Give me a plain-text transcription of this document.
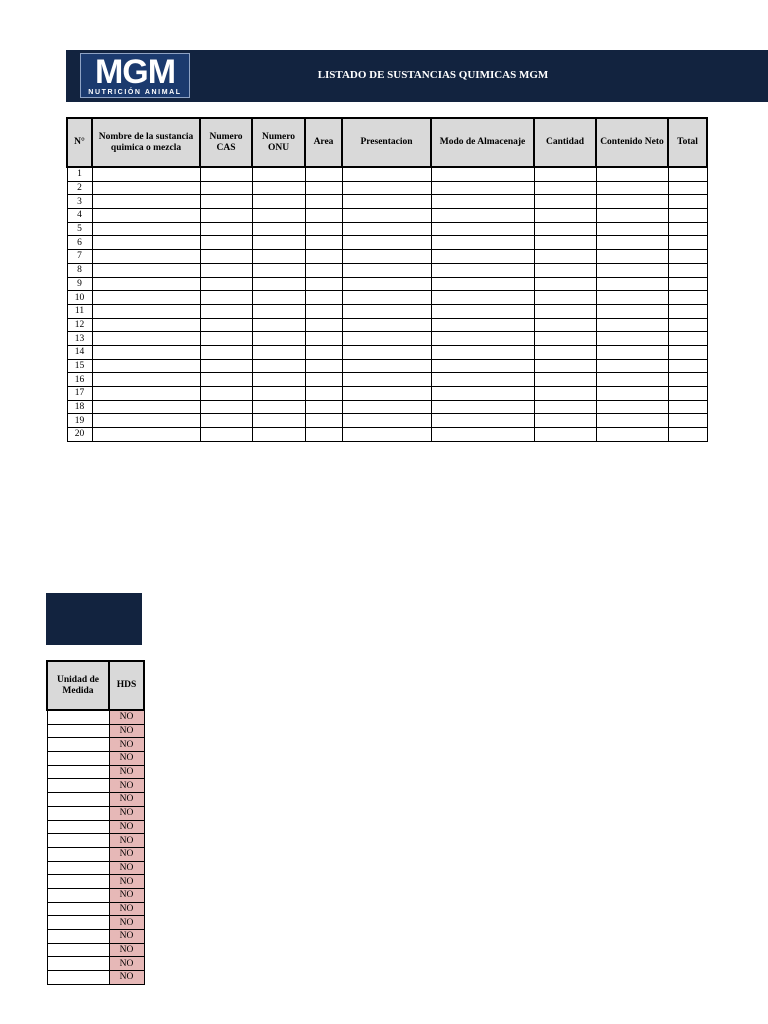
MGM
NUTRICIÓN ANIMAL
LISTADO DE SUSTANCIAS QUIMICAS MGM
N°	Nombre de la sustancia quimica o mezcla	Numero CAS	Numero ONU	Area	Presentacion	Modo de Almacenaje	Cantidad	Contenido Neto	Total
1									
2									
3									
4									
5									
6									
7									
8									
9									
10									
11									
12									
13									
14									
15									
16									
17									
18									
19									
20									
Unidad de Medida	HDS
	NO
	NO
	NO
	NO
	NO
	NO
	NO
	NO
	NO
	NO
	NO
	NO
	NO
	NO
	NO
	NO
	NO
	NO
	NO
	NO
